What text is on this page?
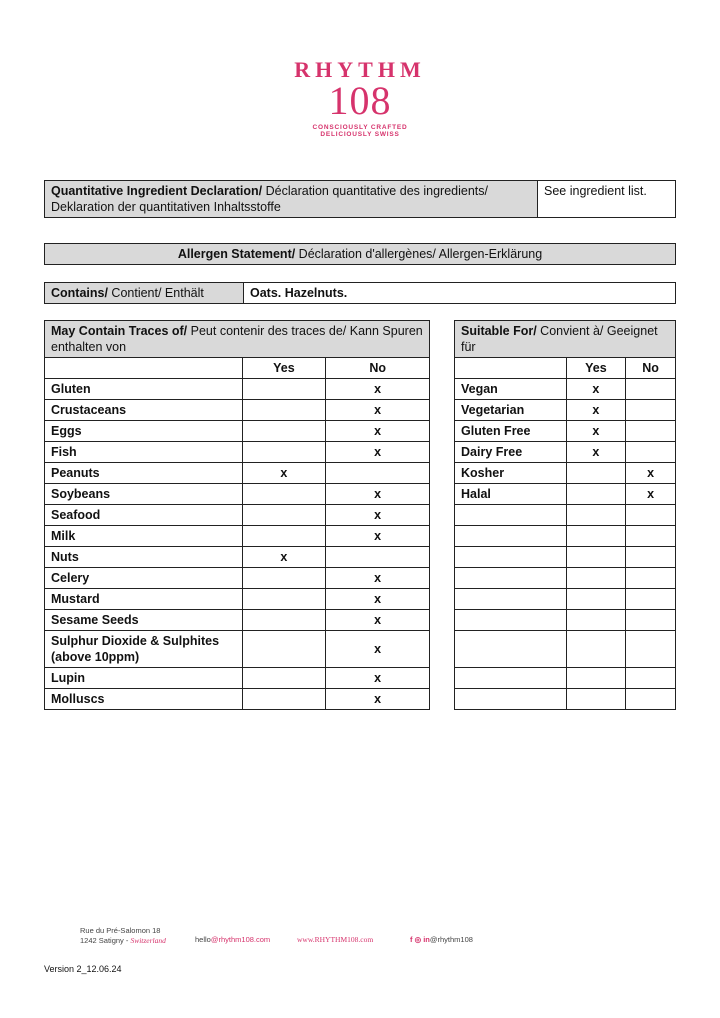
RHYTHM
108
CONSCIOUSLY CRAFTED
DELICIOUSLY SWISS
Quantitative Ingredient Declaration/ Déclaration quantitative des ingredients/
Deklaration der quantitativen Inhaltsstoffe	See ingredient list.
Allergen Statement/ Déclaration d'allergènes/ Allergen-Erklärung
Contains/ Contient/ Enthält	Oats. Hazelnuts.
May Contain Traces of/ Peut contenir des traces de/ Kann Spuren enthalten von		
	Yes	No
Gluten		x
Crustaceans		x
Eggs		x
Fish		x
Peanuts	x	
Soybeans		x
Seafood		x
Milk		x
Nuts	x	
Celery		x
Mustard		x
Sesame Seeds		x
Sulphur Dioxide & Sulphites
(above 10ppm)		x
Lupin		x
Molluscs		x
Suitable For/ Convient à/ Geeignet für		
	Yes	No
Vegan	x	
Vegetarian	x	
Gluten Free	x	
Dairy Free	x	
Kosher		x
Halal		x

Rue du Pré-Salomon 18
1242 Satigny - Switzerland	hello@rhythm108.com	www.RHYTHM108.com	f ◎ in@rhythm108
Version 2_12.06.24
